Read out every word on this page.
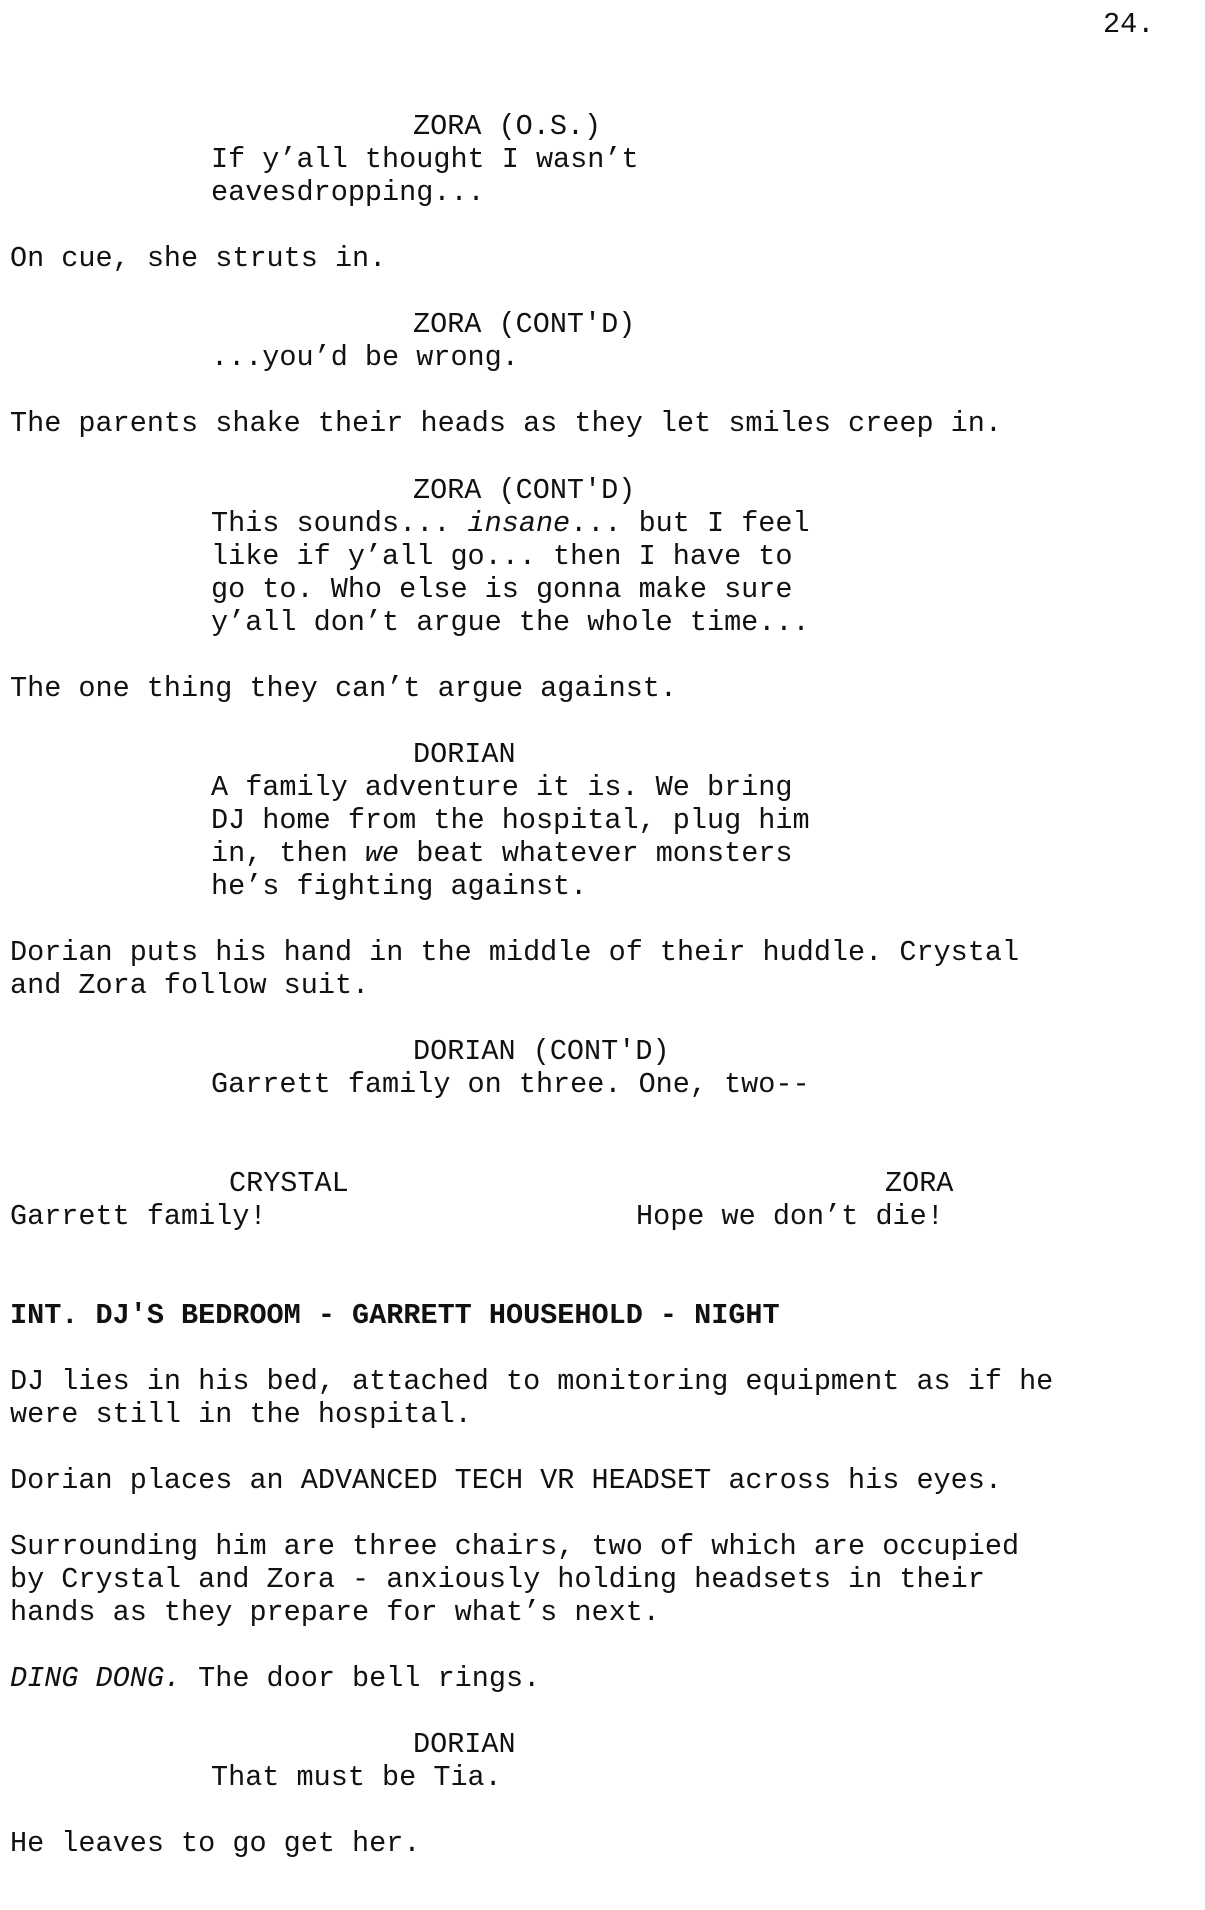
24.
ZORA (O.S.)
If y’all thought I wasn’t
eavesdropping...
On cue, she struts in.
ZORA (CONT'D)
...you’d be wrong.
The parents shake their heads as they let smiles creep in.
ZORA (CONT'D)
This sounds... insane... but I feel
like if y’all go... then I have to
go to. Who else is gonna make sure
y’all don’t argue the whole time...
The one thing they can’t argue against.
DORIAN
A family adventure it is. We bring
DJ home from the hospital, plug him
in, then we beat whatever monsters
he’s fighting against.
Dorian puts his hand in the middle of their huddle. Crystal
and Zora follow suit.
DORIAN (CONT'D)
Garrett family on three. One, two--
CRYSTAL
Garrett family!
ZORA
Hope we don’t die!
INT. DJ'S BEDROOM - GARRETT HOUSEHOLD - NIGHT
DJ lies in his bed, attached to monitoring equipment as if he
were still in the hospital.
Dorian places an ADVANCED TECH VR HEADSET across his eyes.
Surrounding him are three chairs, two of which are occupied
by Crystal and Zora - anxiously holding headsets in their
hands as they prepare for what’s next.
DING DONG. The door bell rings.
DORIAN
That must be Tia.
He leaves to go get her.
